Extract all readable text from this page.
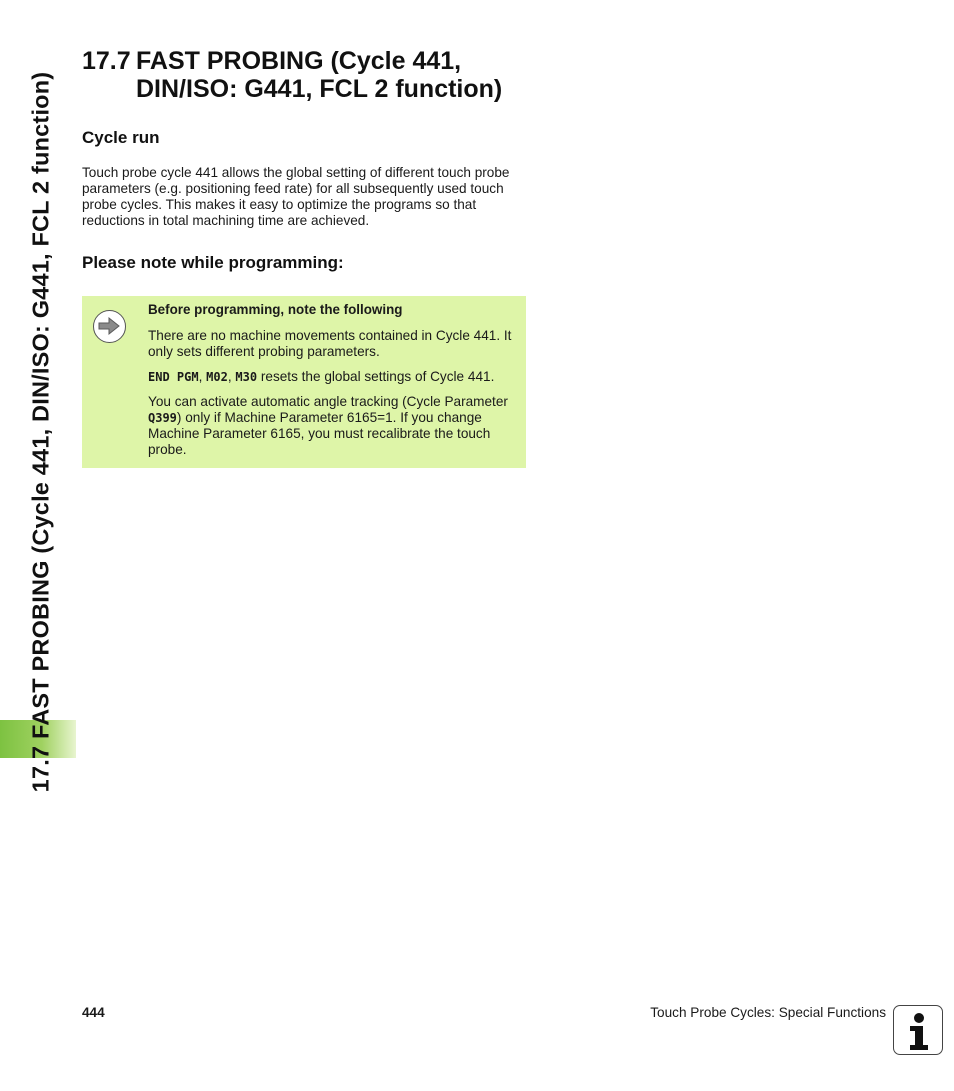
17.7 FAST PROBING (Cycle 441, DIN/ISO: G441, FCL 2 function)
17.7 FAST PROBING (Cycle 441,
DIN/ISO: G441, FCL 2 function)
Cycle run

Touch probe cycle 441 allows the global setting of different touch probe parameters (e.g. positioning feed rate) for all subsequently used touch probe cycles. This makes it easy to optimize the programs so that reductions in total machining time are achieved.

Please note while programming:

Before programming, note the following

There are no machine movements contained in Cycle 441. It only sets different probing parameters.

END PGM, M02, M30 resets the global settings of Cycle 441.

You can activate automatic angle tracking (Cycle Parameter Q399) only if Machine Parameter 6165=1. If you change Machine Parameter 6165, you must recalibrate the touch probe.

444	Touch Probe Cycles: Special Functions
